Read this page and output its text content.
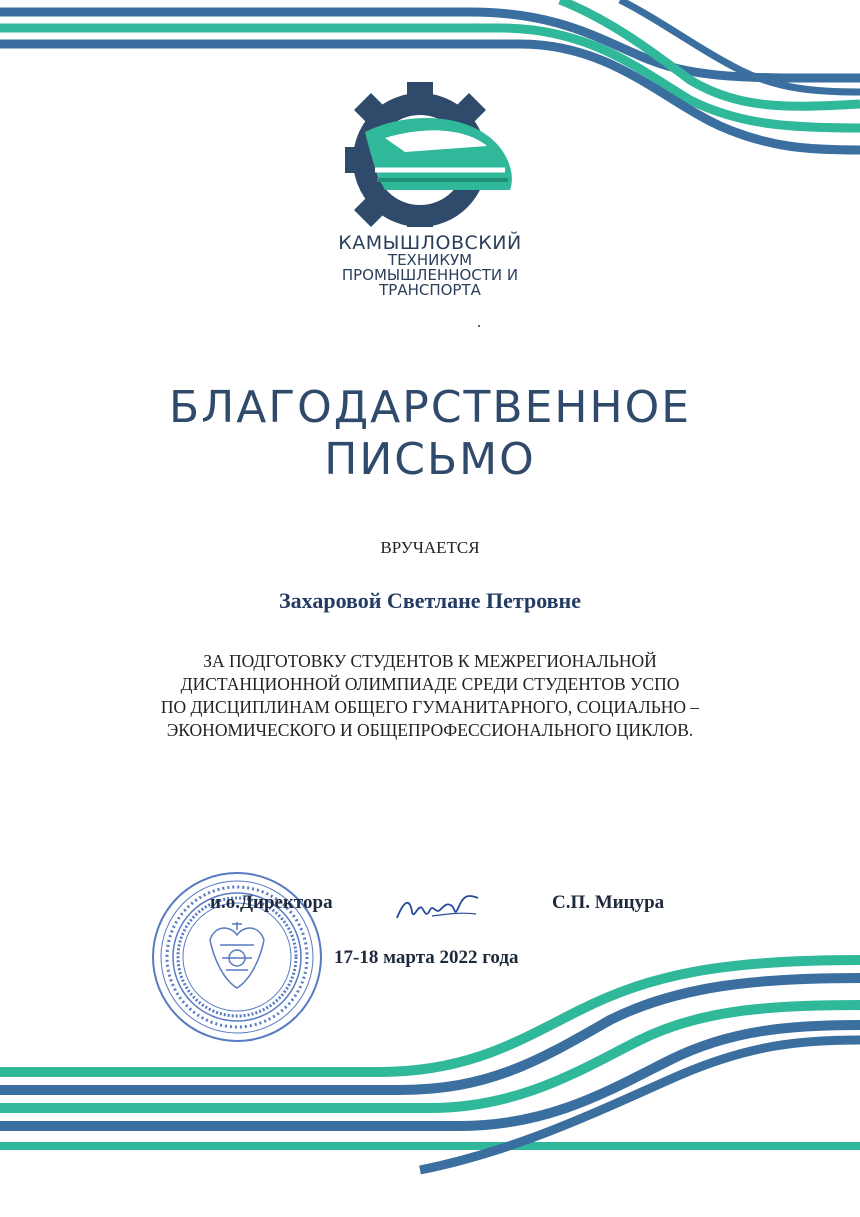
КАМЫШЛОВСКИЙ
ТЕХНИКУМ
ПРОМЫШЛЕННОСТИ И
ТРАНСПОРТА
БЛАГОДАРСТВЕННОЕ
ПИСЬМО
ВРУЧАЕТСЯ
Захаровой Светлане Петровне
ЗА ПОДГОТОВКУ СТУДЕНТОВ К МЕЖРЕГИОНАЛЬНОЙ
ДИСТАНЦИОННОЙ ОЛИМПИАДЕ СРЕДИ СТУДЕНТОВ УСПО
ПО ДИСЦИПЛИНАМ ОБЩЕГО ГУМАНИТАРНОГО, СОЦИАЛЬНО –
ЭКОНОМИЧЕСКОГО И ОБЩЕПРОФЕССИОНАЛЬНОГО ЦИКЛОВ.
и.о.Директора	С.П. Мицура
17-18 марта 2022 года
